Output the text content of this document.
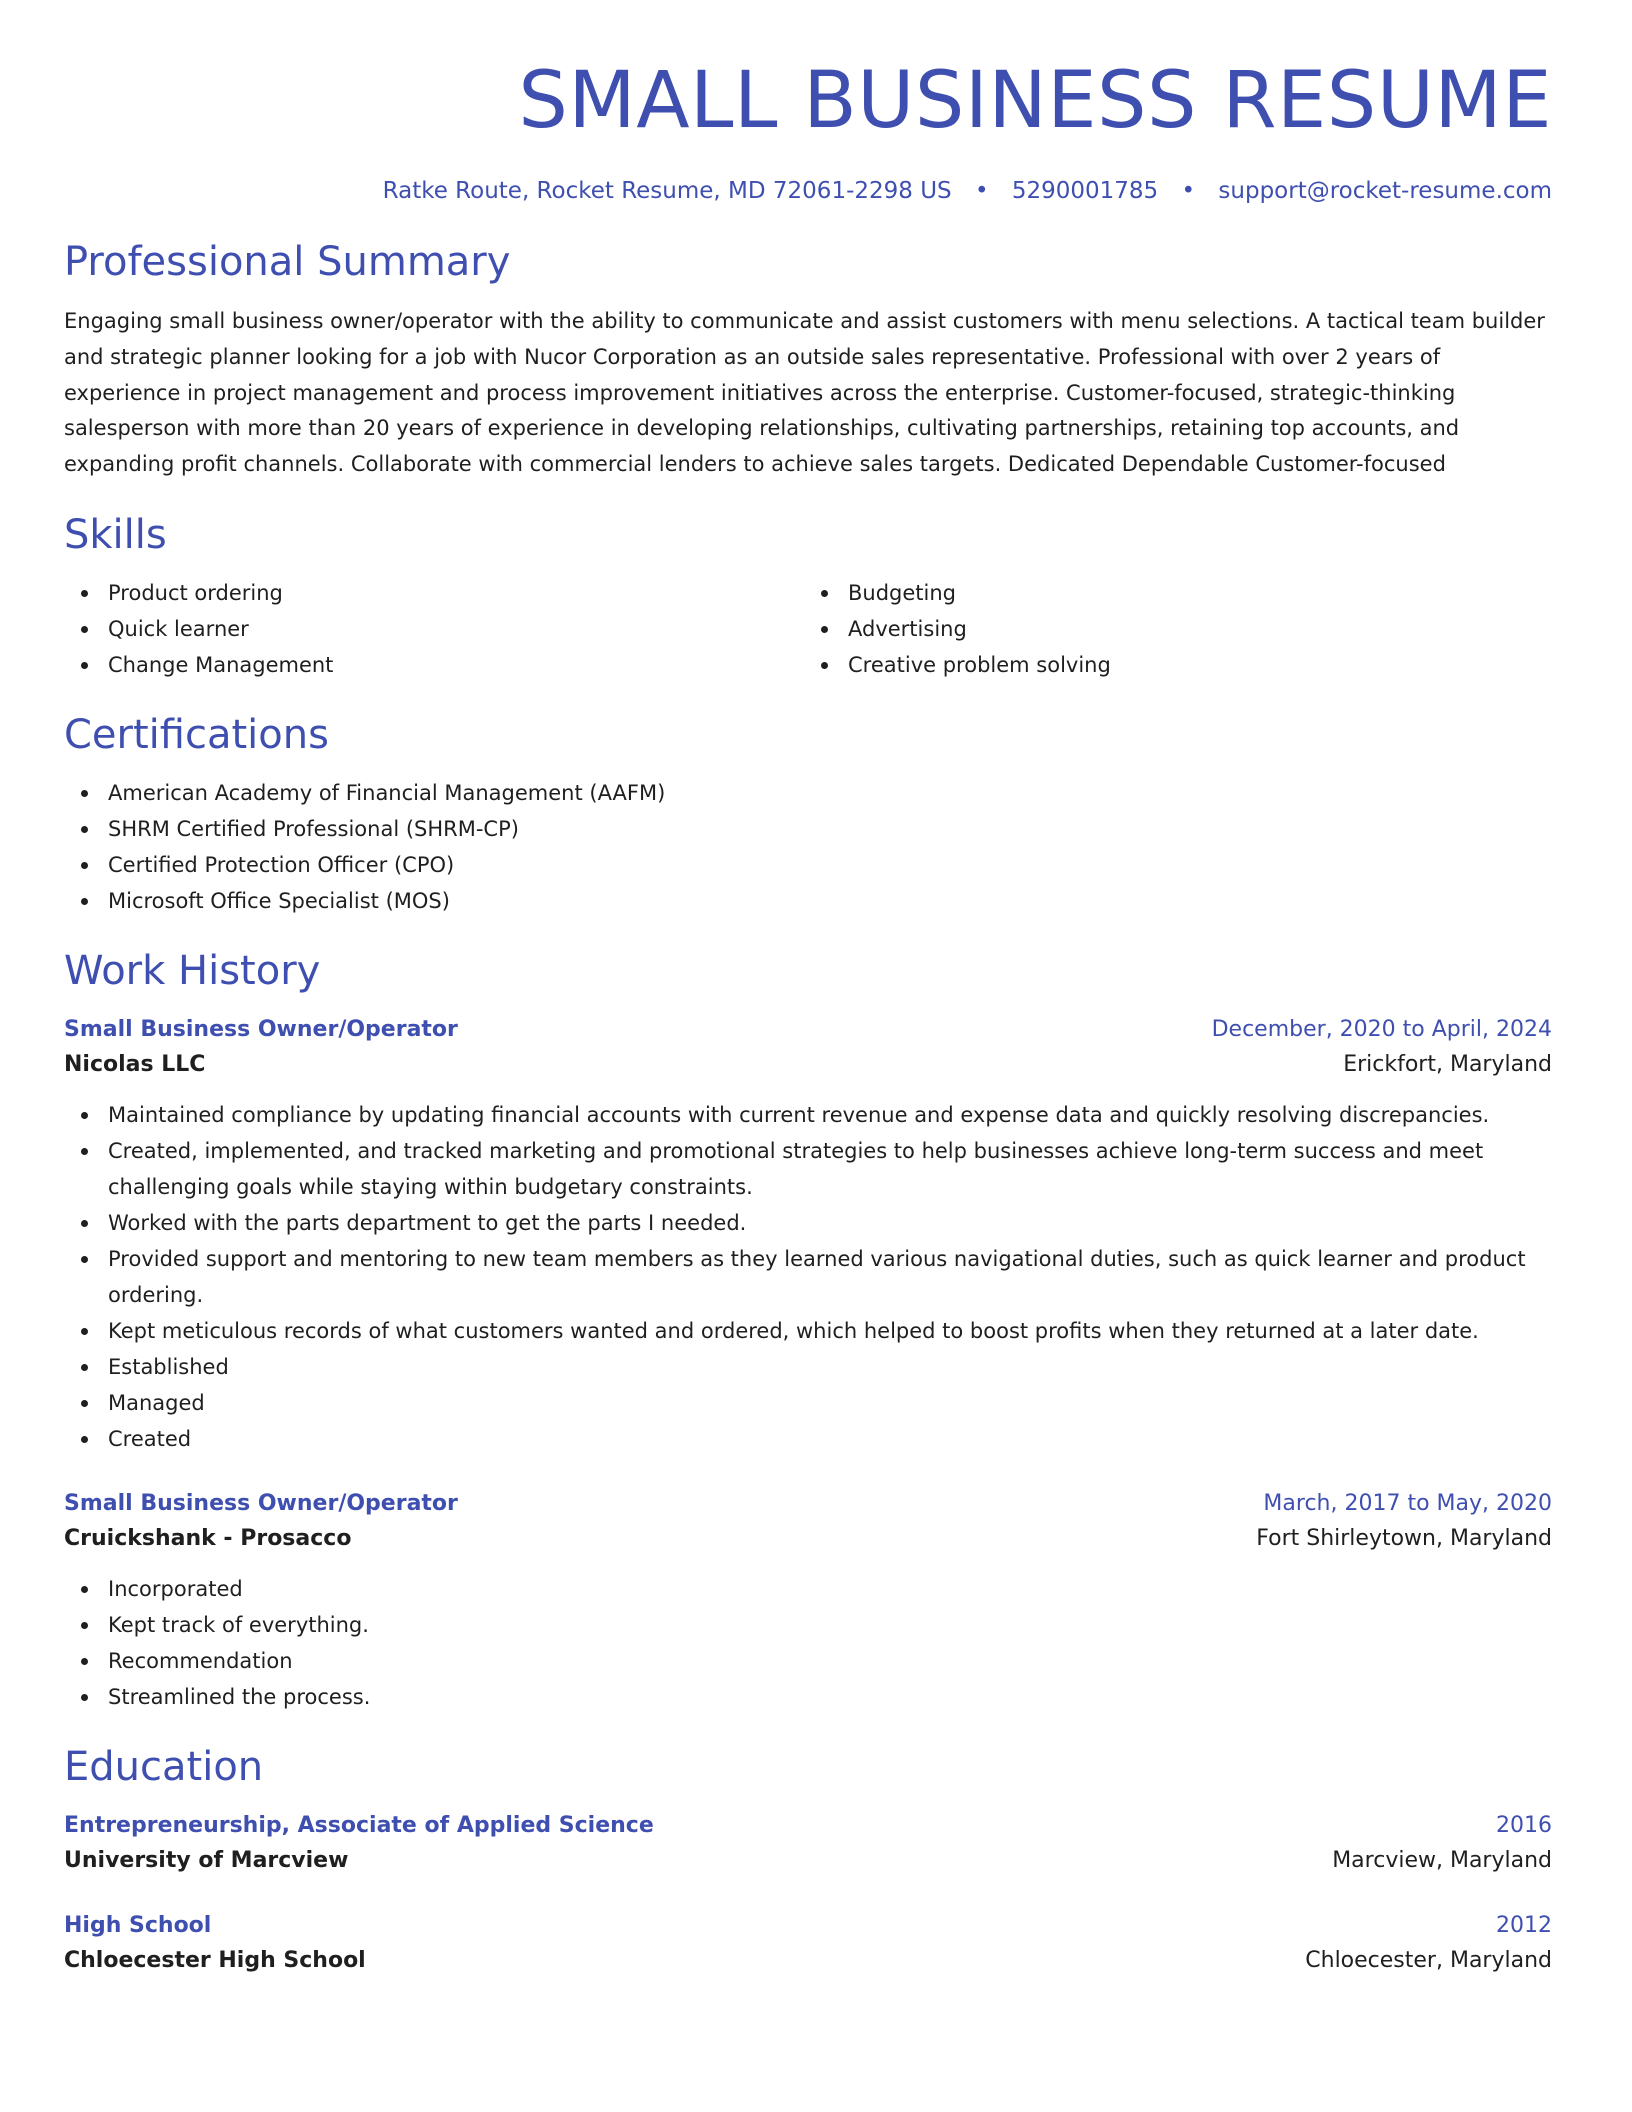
SMALL BUSINESS RESUME
Ratke Route, Rocket Resume, MD 72061-2298 US • 5290001785 • support@rocket-resume.com
Professional Summary
Engaging small business owner/operator with the ability to communicate and assist customers with menu selections. A tactical team builder and strategic planner looking for a job with Nucor Corporation as an outside sales representative. Professional with over 2 years of experience in project management and process improvement initiatives across the enterprise. Customer-focused, strategic-thinking salesperson with more than 20 years of experience in developing relationships, cultivating partnerships, retaining top accounts, and expanding profit channels. Collaborate with commercial lenders to achieve sales targets. Dedicated Dependable Customer-focused
Skills
Product ordering
Quick learner
Change Management
Budgeting
Advertising
Creative problem solving
Certifications
American Academy of Financial Management (AAFM)
SHRM Certified Professional (SHRM-CP)
Certified Protection Officer (CPO)
Microsoft Office Specialist (MOS)
Work History
Small Business Owner/Operator	December, 2020 to April, 2024
Nicolas LLC	Erickfort, Maryland
Maintained compliance by updating financial accounts with current revenue and expense data and quickly resolving discrepancies.
Created, implemented, and tracked marketing and promotional strategies to help businesses achieve long-term success and meet challenging goals while staying within budgetary constraints.
Worked with the parts department to get the parts I needed.
Provided support and mentoring to new team members as they learned various navigational duties, such as quick learner and product ordering.
Kept meticulous records of what customers wanted and ordered, which helped to boost profits when they returned at a later date.
Established
Managed
Created
Small Business Owner/Operator	March, 2017 to May, 2020
Cruickshank - Prosacco	Fort Shirleytown, Maryland
Incorporated
Kept track of everything.
Recommendation
Streamlined the process.
Education
Entrepreneurship, Associate of Applied Science	2016
University of Marcview	Marcview, Maryland
High School	2012
Chloecester High School	Chloecester, Maryland
